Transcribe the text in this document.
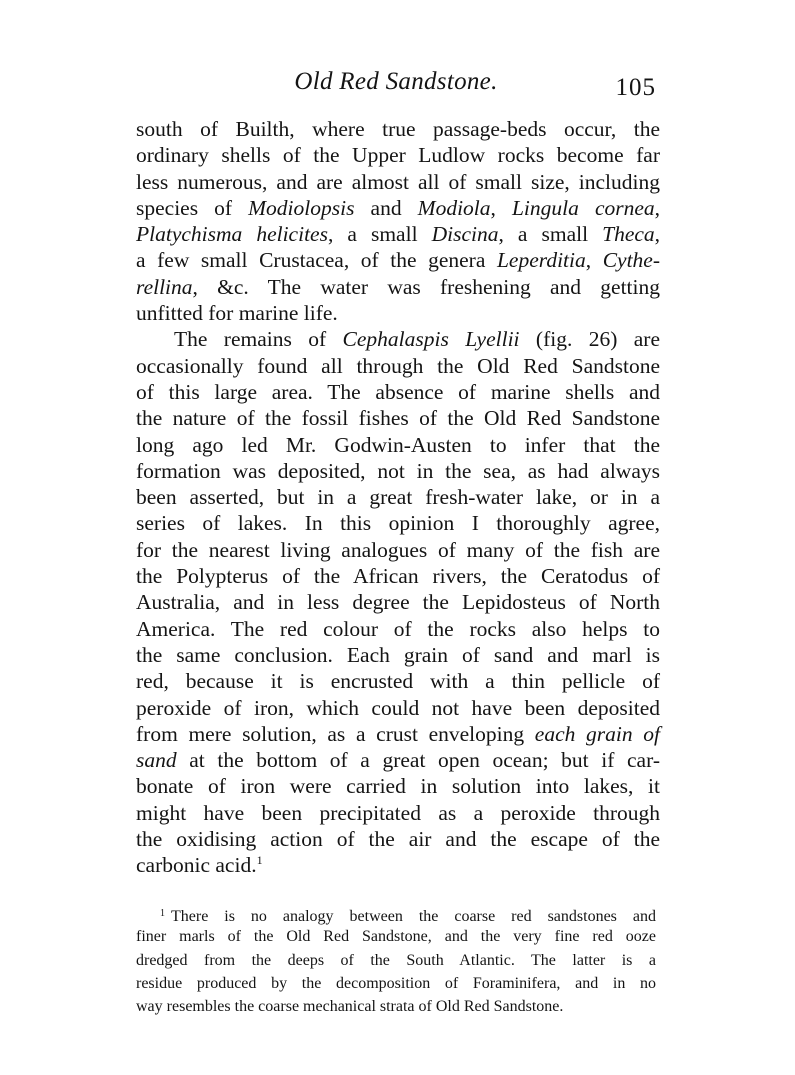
Old Red Sandstone.	105
south of Builth, where true passage-beds occur, the
ordinary shells of the Upper Ludlow rocks become far
less numerous, and are almost all of small size, including
species of Modiolopsis and Modiola, Lingula cornea,
Platychisma helicites, a small Discina, a small Theca,
a few small Crustacea, of the genera Leperditia, Cythe-
rellina, &c. The water was freshening and getting
unfitted for marine life.
The remains of Cephalaspis Lyellii (fig. 26) are
occasionally found all through the Old Red Sandstone
of this large area. The absence of marine shells and
the nature of the fossil fishes of the Old Red Sandstone
long ago led Mr. Godwin-Austen to infer that the
formation was deposited, not in the sea, as had always
been asserted, but in a great fresh-water lake, or in a
series of lakes. In this opinion I thoroughly agree,
for the nearest living analogues of many of the fish are
the Polypterus of the African rivers, the Ceratodus of
Australia, and in less degree the Lepidosteus of North
America. The red colour of the rocks also helps to
the same conclusion. Each grain of sand and marl is
red, because it is encrusted with a thin pellicle of
peroxide of iron, which could not have been deposited
from mere solution, as a crust enveloping each grain of
sand at the bottom of a great open ocean; but if car-
bonate of iron were carried in solution into lakes, it
might have been precipitated as a peroxide through
the oxidising action of the air and the escape of the
carbonic acid.$^1$
$^1$ There is no analogy between the coarse red sandstones and
finer marls of the Old Red Sandstone, and the very fine red ooze
dredged from the deeps of the South Atlantic. The latter is a
residue produced by the decomposition of Foraminifera, and in no
way resembles the coarse mechanical strata of Old Red Sandstone.
